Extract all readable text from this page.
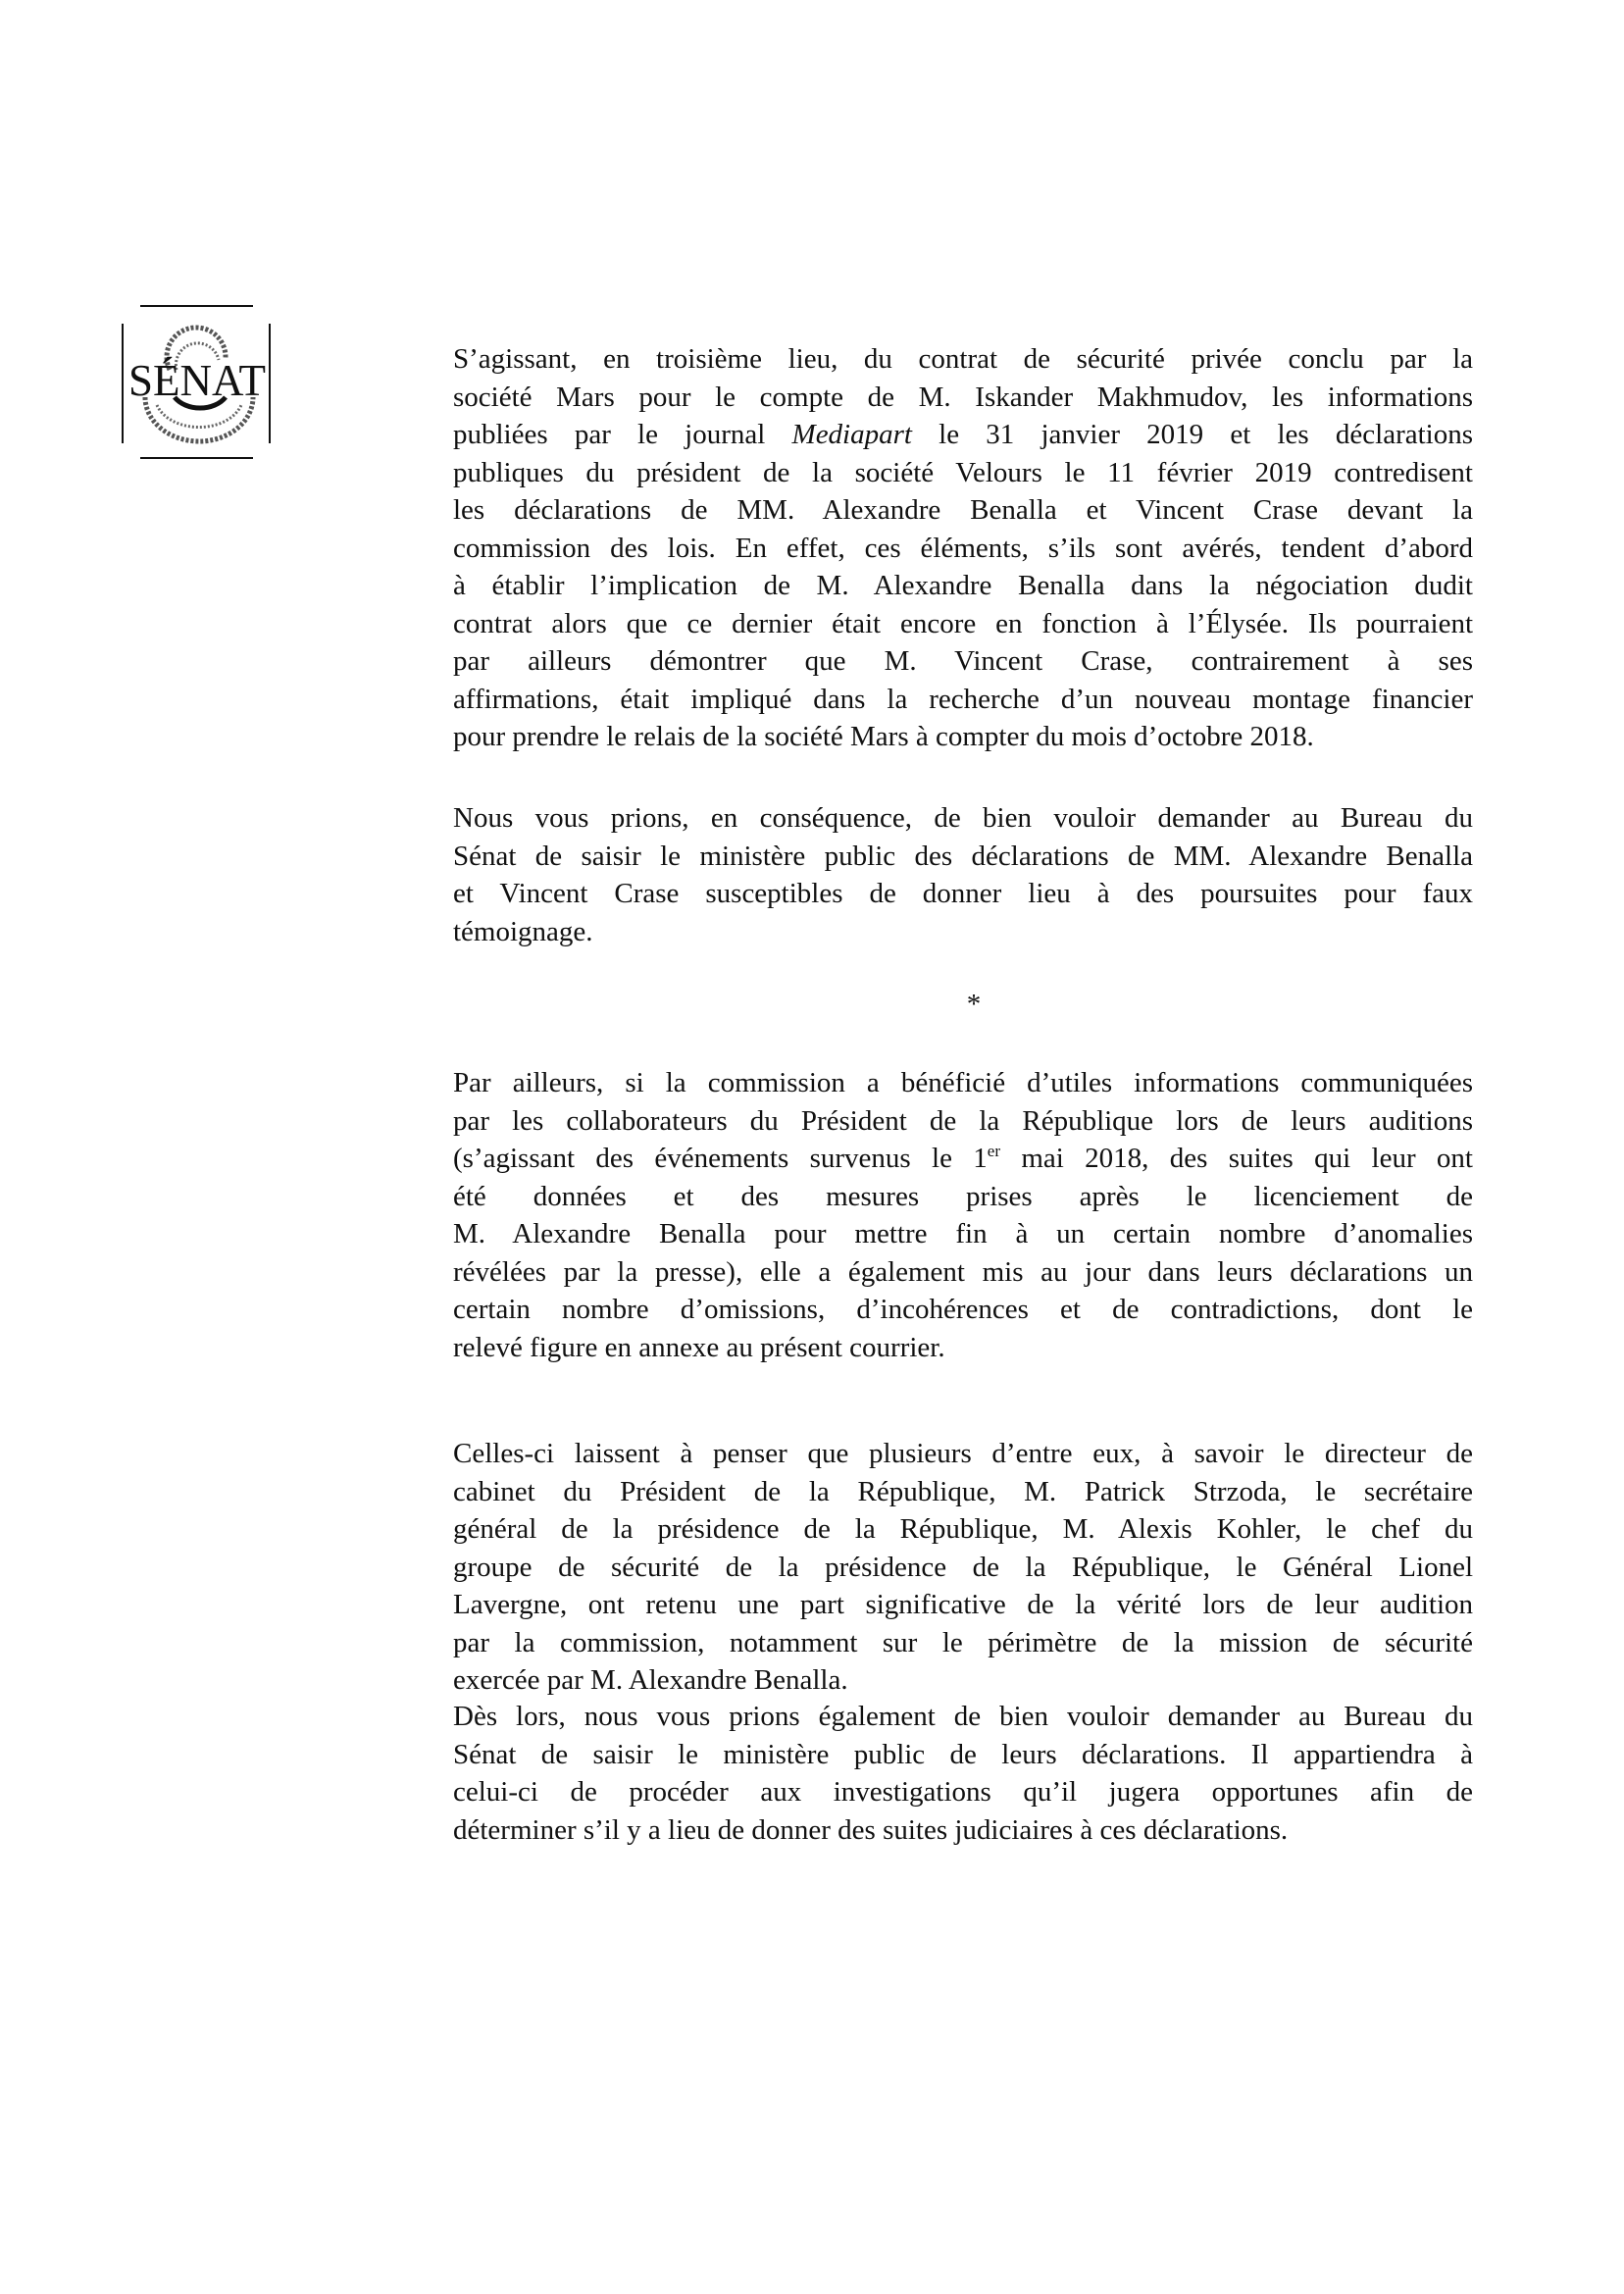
SÉNAT	S’agissant, en troisième lieu, du contrat de sécurité privée conclu par la
société Mars pour le compte de M. Iskander Makhmudov, les informations
publiées par le journal Mediapart le 31 janvier 2019 et les déclarations
publiques du président de la société Velours le 11 février 2019 contredisent
les déclarations de MM. Alexandre Benalla et Vincent Crase devant la
commission des lois. En effet, ces éléments, s’ils sont avérés, tendent d’abord
à établir l’implication de M. Alexandre Benalla dans la négociation dudit
contrat alors que ce dernier était encore en fonction à l’Élysée. Ils pourraient
par ailleurs démontrer que M. Vincent Crase, contrairement à ses
affirmations, était impliqué dans la recherche d’un nouveau montage financier
pour prendre le relais de la société Mars à compter du mois d’octobre 2018.
Nous vous prions, en conséquence, de bien vouloir demander au Bureau du
Sénat de saisir le ministère public des déclarations de MM. Alexandre Benalla
et Vincent Crase susceptibles de donner lieu à des poursuites pour faux
témoignage.
Par ailleurs, si la commission a bénéficié d’utiles informations communiquées
par les collaborateurs du Président de la République lors de leurs auditions
(s’agissant des événements survenus le 1er mai 2018, des suites qui leur ont
été données et des mesures prises après le licenciement de
M. Alexandre Benalla pour mettre fin à un certain nombre d’anomalies
révélées par la presse), elle a également mis au jour dans leurs déclarations un
certain nombre d’omissions, d’incohérences et de contradictions, dont le
relevé figure en annexe au présent courrier.
Celles-ci laissent à penser que plusieurs d’entre eux, à savoir le directeur de
cabinet du Président de la République, M. Patrick Strzoda, le secrétaire
général de la présidence de la République, M. Alexis Kohler, le chef du
groupe de sécurité de la présidence de la République, le Général Lionel
Lavergne, ont retenu une part significative de la vérité lors de leur audition
par la commission, notamment sur le périmètre de la mission de sécurité
exercée par M. Alexandre Benalla.
Dès lors, nous vous prions également de bien vouloir demander au Bureau du
Sénat de saisir le ministère public de leurs déclarations. Il appartiendra à
celui-ci de procéder aux investigations qu’il jugera opportunes afin de
déterminer s’il y a lieu de donner des suites judiciaires à ces déclarations.
*
